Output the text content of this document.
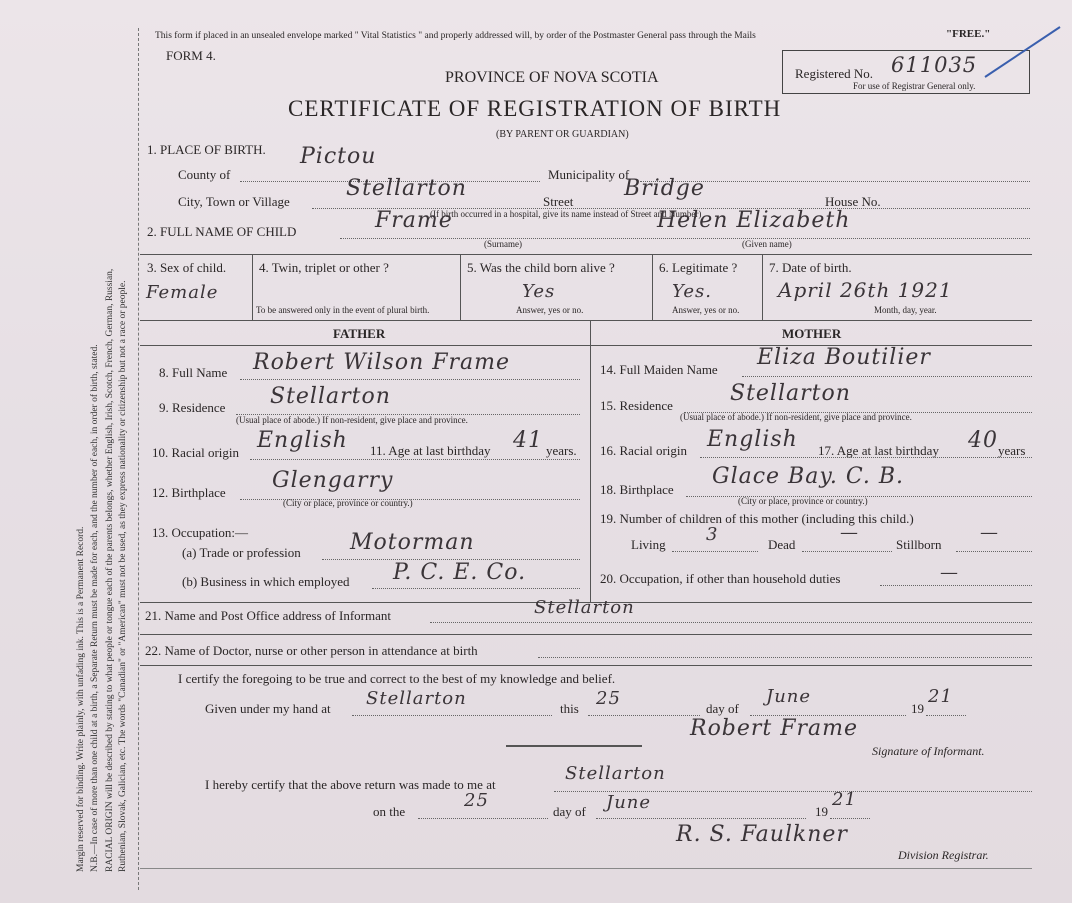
Margin reserved for binding. Write plainly, with unfading ink. This is a Permanent Record. N.B.—In case of more than one child at a birth, a Separate Return must be made for each, and the number of each, in order of birth, stated. RACIAL ORIGIN will be described by stating to what people or tongue each of the parents belongs, whether English, Irish, Scotch, French, German, Russian, Ruthenian, Slovak, Galician, etc. The words "Canadian" or "American" must not be used, as they express nationality or citizenship but not a race or people.
This form if placed in an unsealed envelope marked " Vital Statistics " and properly addressed will, by order of the Postmaster General pass through the Mails	"FREE."
FORM 4.
PROVINCE OF NOVA SCOTIA
CERTIFICATE OF REGISTRATION OF BIRTH
(BY PARENT OR GUARDIAN)
Registered No. 611035
For use of Registrar General only.
1. PLACE OF BIRTH.
County of
Pictou
Municipality of
City, Town or Village
Stellarton
Street
Bridge
House No.
(If birth occurred in a hospital, give its name instead of Street and Number)
2. FULL NAME OF CHILD	Frame
(Surname)
Helen Elizabeth
(Given name)
3. Sex of child.
Female
4. Twin, triplet or other ?
To be answered only in the event of plural birth.
5. Was the child born alive ?
Yes
Answer, yes or no.
6. Legitimate ?
Yes.
Answer, yes or no.
7. Date of birth.
April 26th 1921
Month, day, year.
FATHER	MOTHER
8. Full Name Robert Wilson Frame
9. Residence Stellarton
(Usual place of abode.) If non-resident, give place and province.
10. Racial origin English 11. Age at last birthday 41 years.
12. Birthplace Glengarry
(City or place, province or country.)
13. Occupation:—
(a) Trade or profession Motorman
(b) Business in which employed P. C. E. Co.
14. Full Maiden Name Eliza Boutilier
15. Residence	Stellarton
(Usual place of abode.) If non-resident, give place and province.
16. Racial origin English 17. Age at last birthday 40 years
18. Birthplace
Glace Bay. C. B.
(City or place, province or country.)
19. Number of children of this mother (including this child.)
Living 3	Dead
—
Stillborn
—
20. Occupation, if other than household duties	—
21. Name and Post Office address of Informant	Stellarton
22. Name of Doctor, nurse or other person in attendance at birth
I certify the foregoing to be true and correct to the best of my knowledge and belief.
Given under my hand at Stellarton	this 25	day of
June
19
21
Robert Frame
Signature of Informant.
I hereby certify that the above return was made to me at
Stellarton
on the
25
day of June	19
21
R. S. Faulkner
Division Registrar.
